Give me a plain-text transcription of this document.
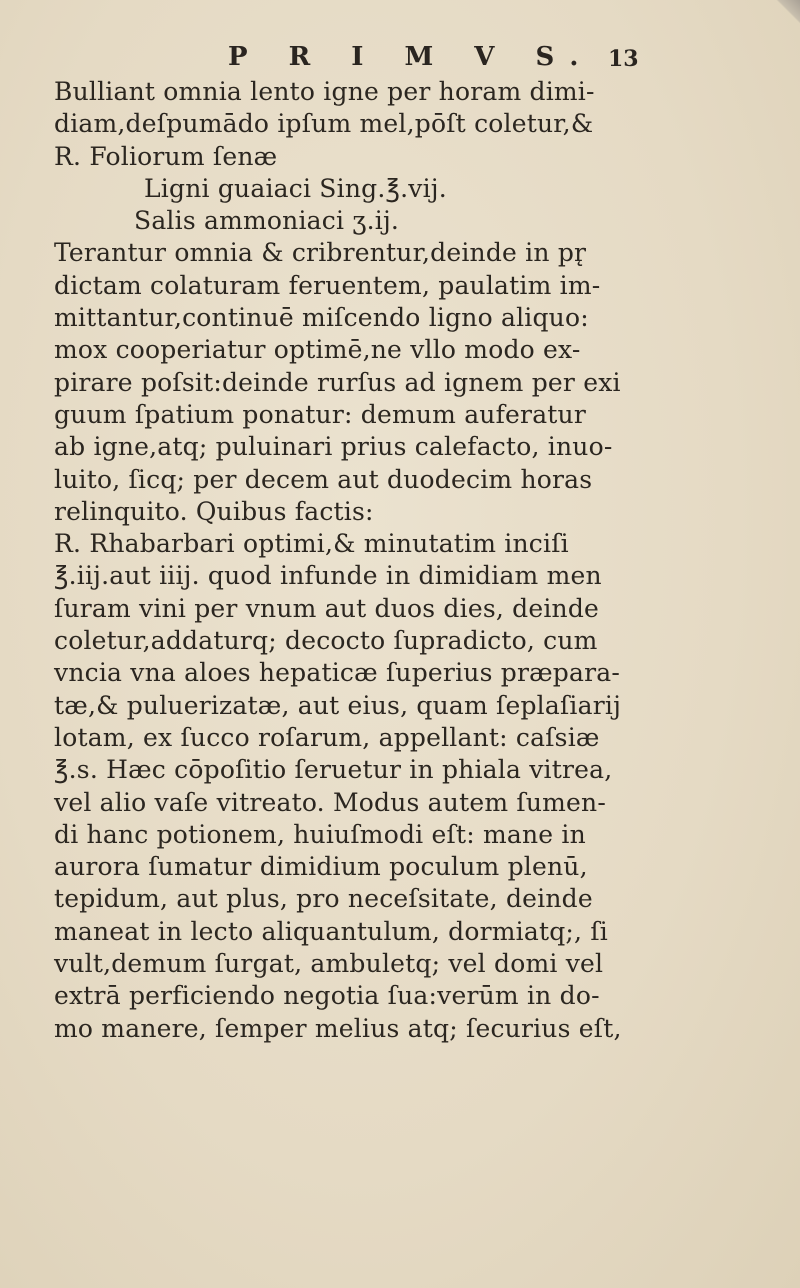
P R I M V S. 13
Bulliant omnia lento igne per horam dimi-
diam,deſpumādo ipſum mel,pōſt coletur,&
R. Foliorum ſenæ
Ligni guaiaci Sing.℥.vij.
Salis ammoniaci ʒ.ij.
Terantur omnia & cribrentur,deinde in pr̨
dictam colaturam feruentem, paulatim im-
mittantur,continuē miſcendo ligno aliquo:
mox cooperiatur optimē,ne vllo modo ex-
pirare poſsit:deinde rurſus ad ignem per exi
guum ſpatium ponatur: demum auferatur
ab igne,atq; puluinari prius calefacto, inuo-
luito, ſicq; per decem aut duodecim horas
relinquito. Quibus factis:
R. Rhabarbari optimi,& minutatim inciſi
℥.iij.aut iiij. quod infunde in dimidiam men
ſuram vini per vnum aut duos dies, deinde
coletur,addaturq; decocto ſupradicto, cum
vncia vna aloes hepaticæ ſuperius præpara-
tæ,& puluerizatæ, aut eius, quam ſeplaſiarij
lotam, ex ſucco roſarum, appellant: caſsiæ
℥.s. Hæc cōpoſitio ſeruetur in phiala vitrea,
vel alio vaſe vitreato. Modus autem ſumen-
di hanc potionem, huiuſmodi eſt: mane in
aurora ſumatur dimidium poculum plenū,
tepidum, aut plus, pro neceſsitate, deinde
maneat in lecto aliquantulum, dormiatq;, ſi
vult,demum ſurgat, ambuletq; vel domi vel
extrā perficiendo negotia ſua:verūm in do-
mo manere, ſemper melius atq; ſecurius eſt,
